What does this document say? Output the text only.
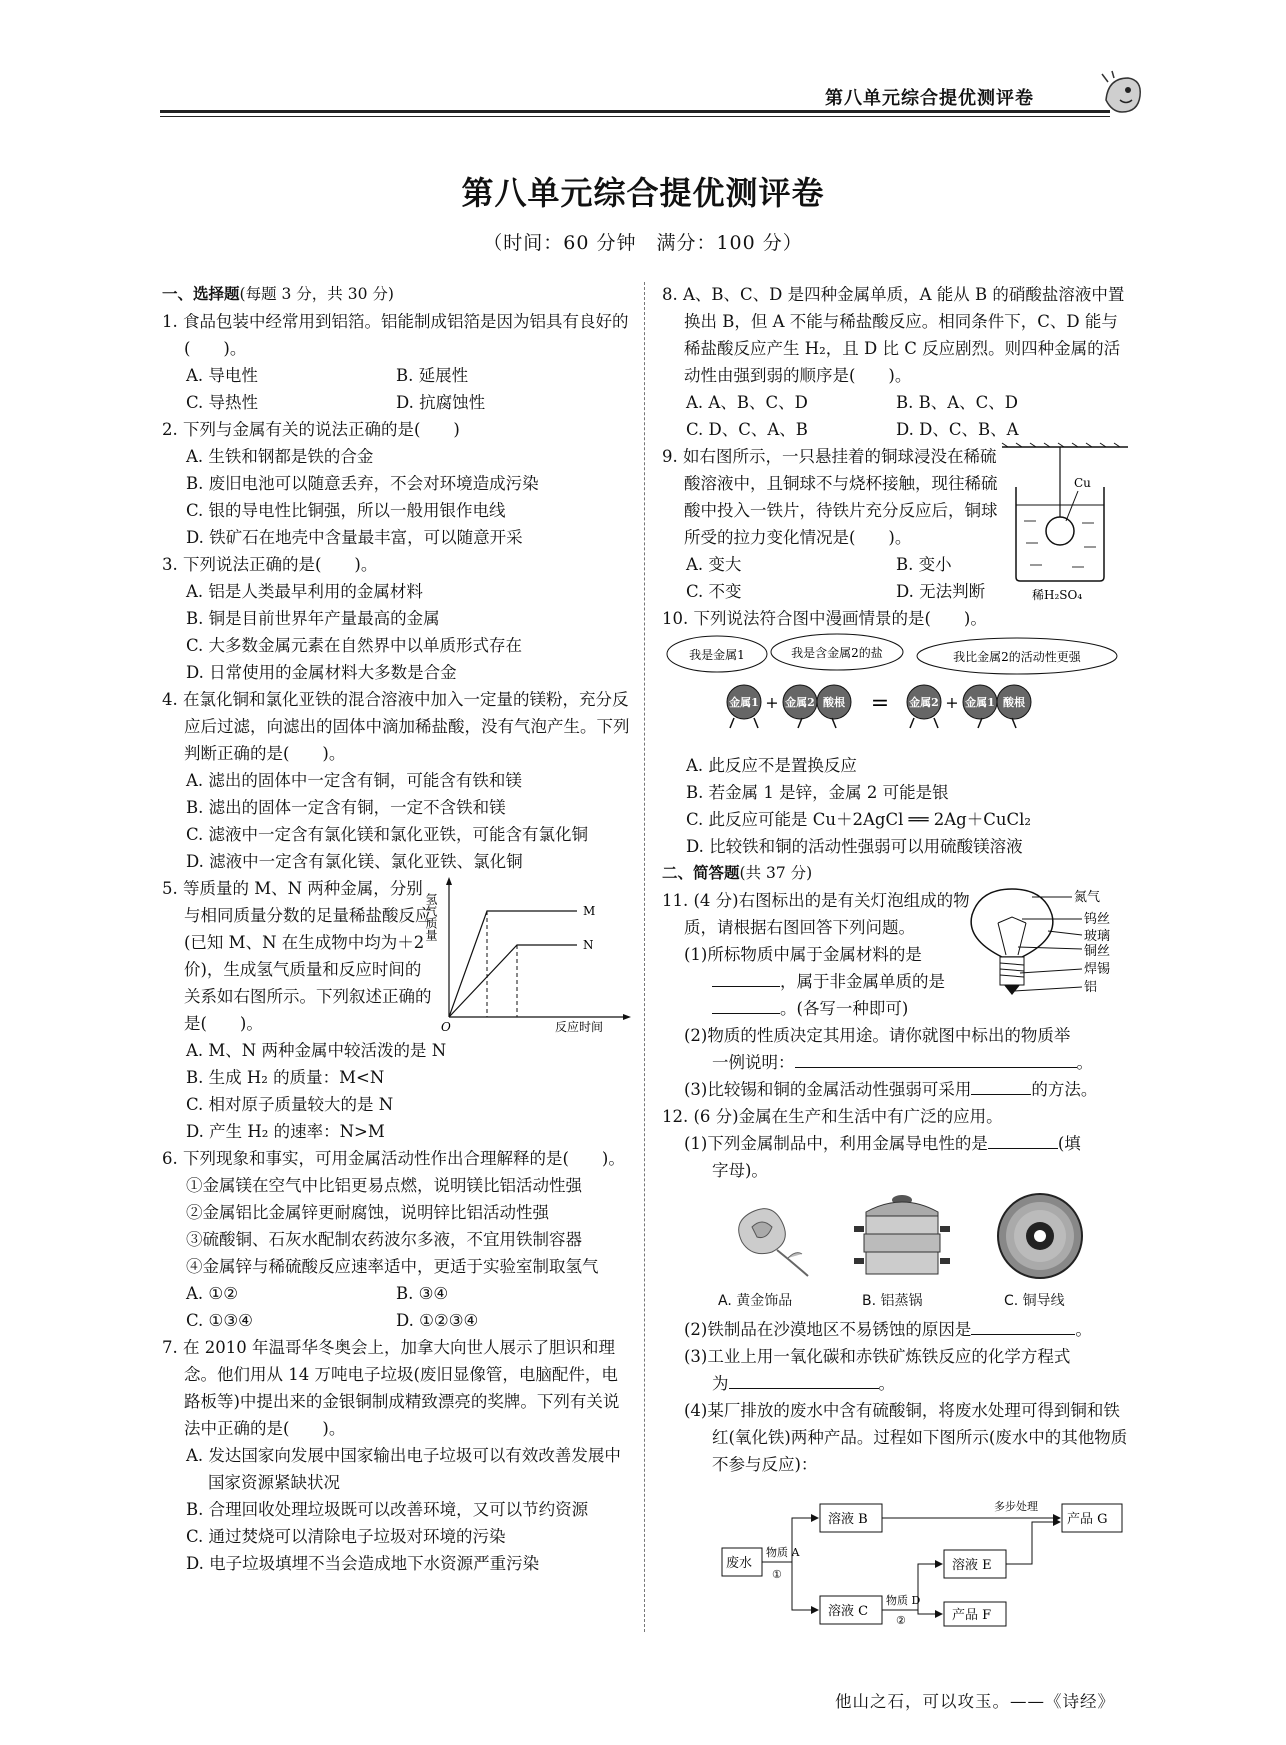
第八单元综合提优测评卷
第八单元综合提优测评卷
（时间：60 分钟　满分：100 分）
一、选择题(每题 3 分，共 30 分)
1. 食品包装中经常用到铝箔。铝能制成铝箔是因为铝具有良好的(　　)。
A. 导电性	B. 延展性
C. 导热性	D. 抗腐蚀性
2. 下列与金属有关的说法正确的是(　　)
A. 生铁和钢都是铁的合金
B. 废旧电池可以随意丢弃，不会对环境造成污染
C. 银的导电性比铜强，所以一般用银作电线
D. 铁矿石在地壳中含量最丰富，可以随意开采
3. 下列说法正确的是(　　)。
A. 铝是人类最早利用的金属材料
B. 铜是目前世界年产量最高的金属
C. 大多数金属元素在自然界中以单质形式存在
D. 日常使用的金属材料大多数是合金
4. 在氯化铜和氯化亚铁的混合溶液中加入一定量的镁粉，充分反应后过滤，向滤出的固体中滴加稀盐酸，没有气泡产生。下列判断正确的是(　　)。
A. 滤出的固体中一定含有铜，可能含有铁和镁
B. 滤出的固体一定含有铜，一定不含铁和镁
C. 滤液中一定含有氯化镁和氯化亚铁，可能含有氯化铜
D. 滤液中一定含有氯化镁、氯化亚铁、氯化铜
5. 等质量的 M、N 两种金属，分别与相同质量分数的足量稀盐酸反应(已知 M、N 在生成物中均为＋2 价)，生成氢气质量和反应时间的关系如右图所示。下列叙述正确的是(　　)。
M
N
O	反应时间
氢气质量
A. M、N 两种金属中较活泼的是 N
B. 生成 H₂ 的质量：M<N
C. 相对原子质量较大的是 N
D. 产生 H₂ 的速率：N>M
6. 下列现象和事实，可用金属活动性作出合理解释的是(　　)。
①金属镁在空气中比铝更易点燃，说明镁比铝活动性强
②金属铝比金属锌更耐腐蚀，说明锌比铝活动性强
③硫酸铜、石灰水配制农药波尔多液，不宜用铁制容器
④金属锌与稀硫酸反应速率适中，更适于实验室制取氢气
A. ①②	B. ③④
C. ①③④	D. ①②③④
7. 在 2010 年温哥华冬奥会上，加拿大向世人展示了胆识和理念。他们用从 14 万吨电子垃圾(废旧显像管，电脑配件，电路板等)中提出来的金银铜制成精致漂亮的奖牌。下列有关说法中正确的是(　　)。
A. 发达国家向发展中国家输出电子垃圾可以有效改善发展中国家资源紧缺状况
B. 合理回收处理垃圾既可以改善环境，又可以节约资源
C. 通过焚烧可以清除电子垃圾对环境的污染
D. 电子垃圾填埋不当会造成地下水资源严重污染
8. A、B、C、D 是四种金属单质，A 能从 B 的硝酸盐溶液中置换出 B，但 A 不能与稀盐酸反应。相同条件下，C、D 能与稀盐酸反应产生 H₂，且 D 比 C 反应剧烈。则四种金属的活动性由强到弱的顺序是(　　)。
A. A、B、C、D	B. B、A、C、D
C. D、C、A、B	D. D、C、B、A
9. 如右图所示，一只悬挂着的铜球浸没在稀硫酸溶液中，且铜球不与烧杯接触，现往稀硫酸中投入一铁片，待铁片充分反应后，铜球所受的拉力变化情况是(　　)。
A. 变大	B. 变小
C. 不变	D. 无法判断
Cu
稀H₂SO₄
10. 下列说法符合图中漫画情景的是(　　)。
我是金属1	我是含金属2的盐	我比金属2的活动性更强
金属1 金属2 酸根	金属2 金属1 酸根
+	=	+
A. 此反应不是置换反应
B. 若金属 1 是锌，金属 2 可能是银
C. 此反应可能是 Cu＋2AgCl ══ 2Ag＋CuCl₂
D. 比较铁和铜的活动性强弱可以用硫酸镁溶液
二、简答题(共 37 分)
11. (4 分)右图标出的是有关灯泡组成的物质，请根据右图回答下列问题。
(1)所标物质中属于金属材料的是
，属于非金属单质的是
。(各写一种即可)
氮气
钨丝
玻璃
铜丝
焊锡
铝
(2)物质的性质决定其用途。请你就图中标出的物质举
一例说明：	。
(3)比较锡和铜的金属活动性强弱可采用	的方法。
12. (6 分)金属在生产和生活中有广泛的应用。
(1)下列金属制品中，利用金属导电性的是	(填
字母)。
A. 黄金饰品	B. 铝蒸锅	C. 铜导线
(2)铁制品在沙漠地区不易锈蚀的原因是	。
(3)工业上用一氧化碳和赤铁矿炼铁反应的化学方程式
为	。
(4)某厂排放的废水中含有硫酸铜，将废水处理可得到铜和铁红(氧化铁)两种产品。过程如下图所示(废水中的其他物质不参与反应)：
废水
物质 A
①
溶液 B
溶液 C
物质 D
②
溶液 E
产品 F
多步处理
产品 G
他山之石，可以攻玉。——《诗经》
